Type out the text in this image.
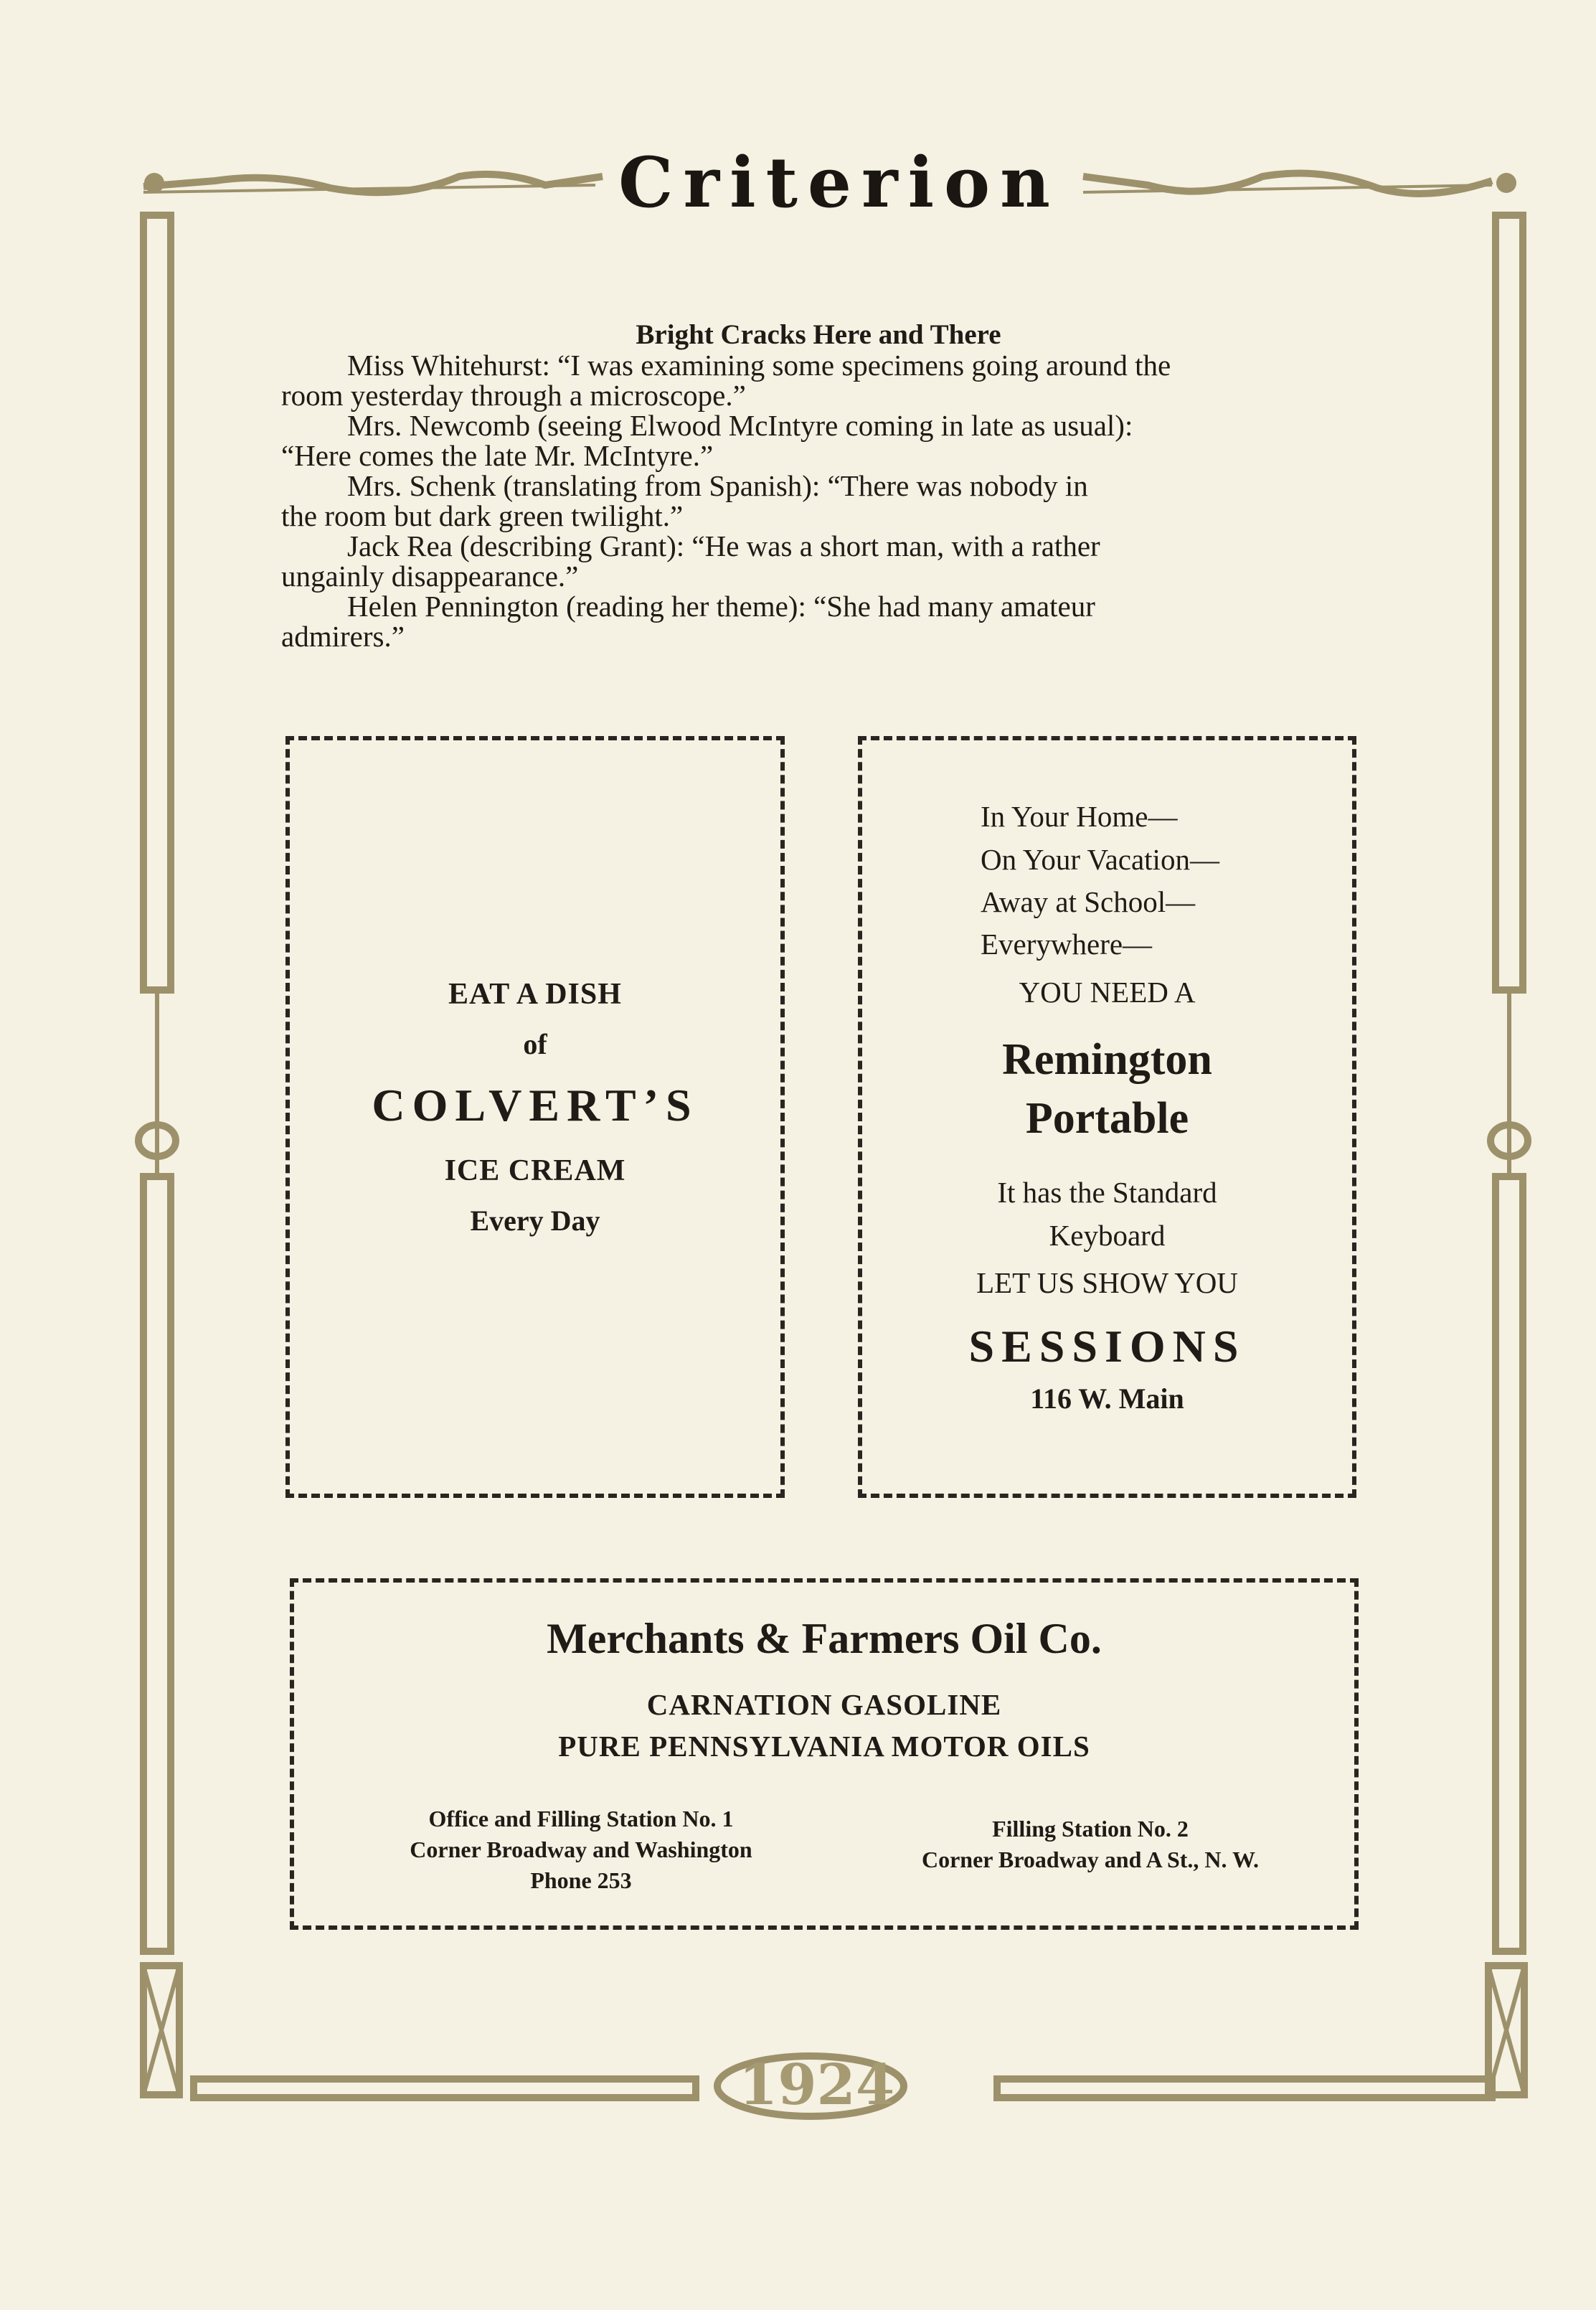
Criterion
1924
Bright Cracks Here and There

Miss Whitehurst: “I was examining some specimens going around the

room yesterday through a microscope.”

Mrs. Newcomb (seeing Elwood McIntyre coming in late as usual):

“Here comes the late Mr. McIntyre.”

Mrs. Schenk (translating from Spanish): “There was nobody in

the room but dark green twilight.”

Jack Rea (describing Grant): “He was a short man, with a rather

ungainly disappearance.”

Helen Pennington (reading her theme): “She had many amateur

admirers.”

EAT A DISH
of
COLVERT’S
ICE CREAM
Every Day
In Your Home—
On Your Vacation—
Away at School—
Everywhere—
YOU NEED A
Remington
Portable
It has the Standard
Keyboard
LET US SHOW YOU
SESSIONS
116 W. Main
Merchants & Farmers Oil Co.
CARNATION GASOLINE
PURE PENNSYLVANIA MOTOR OILS
Office and Filling Station No. 1
Corner Broadway and Washington
Phone 253
Filling Station No. 2
Corner Broadway and A St., N. W.
